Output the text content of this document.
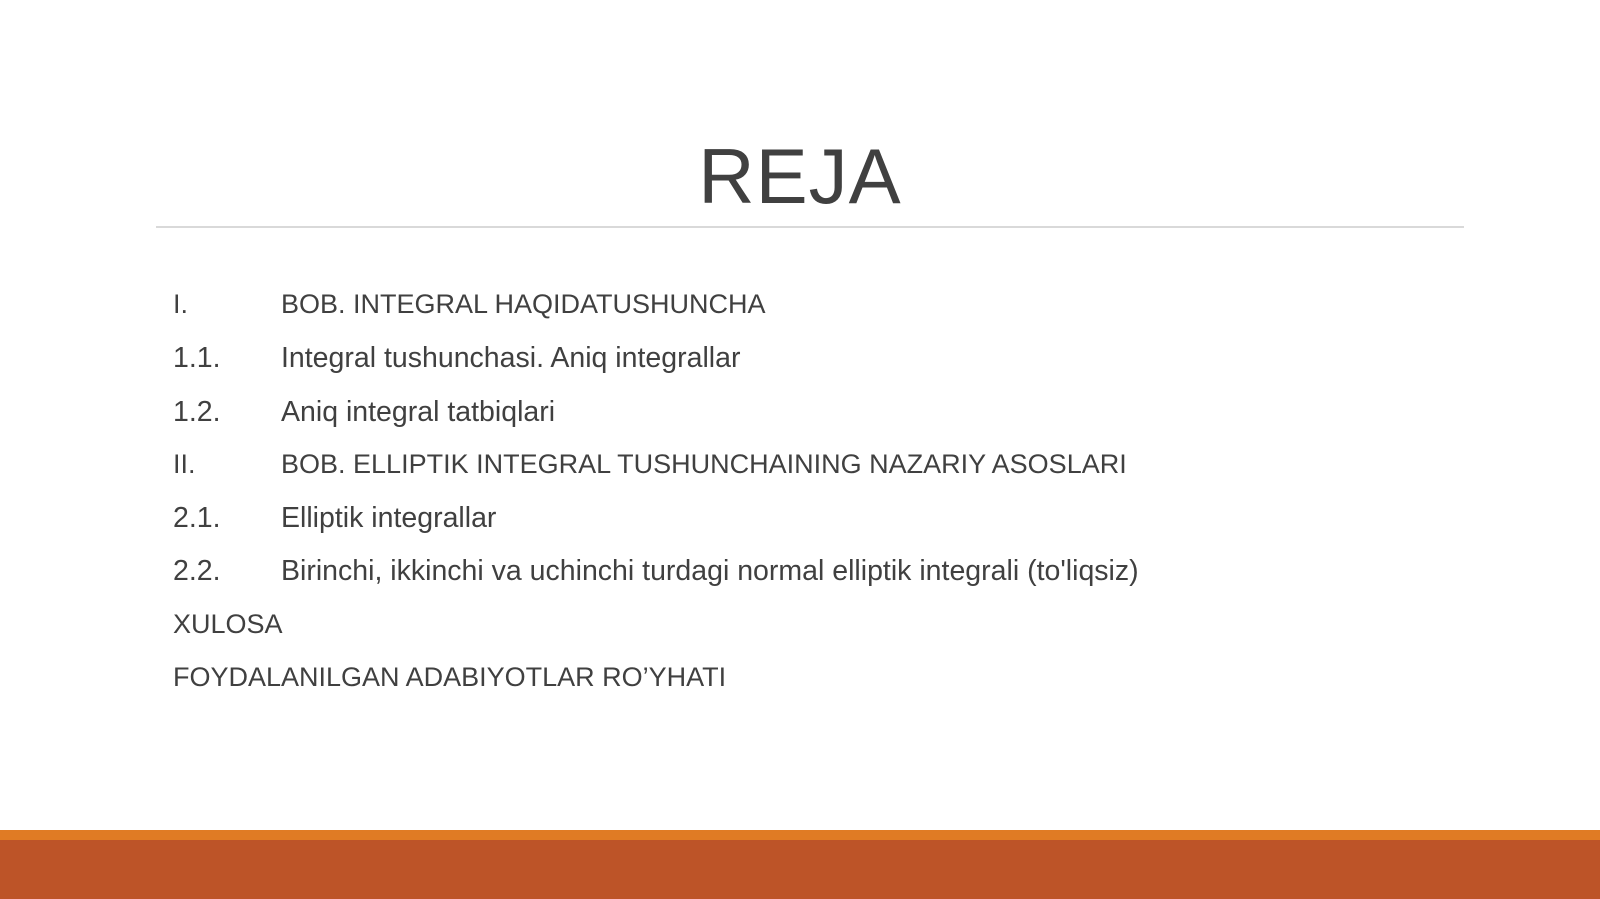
REJA
I.	BOB. INTEGRAL HAQIDATUSHUNCHA
1.1.	Integral tushunchasi. Aniq integrallar
1.2.	Aniq integral tatbiqlari
II.	BOB. ELLIPTIK INTEGRAL TUSHUNCHAINING NAZARIY ASOSLARI
2.1.	Elliptik integrallar
2.2.	Birinchi, ikkinchi va uchinchi turdagi normal elliptik integrali (to'liqsiz)
XULOSA
FOYDALANILGAN ADABIYOTLAR RO’YHATI
